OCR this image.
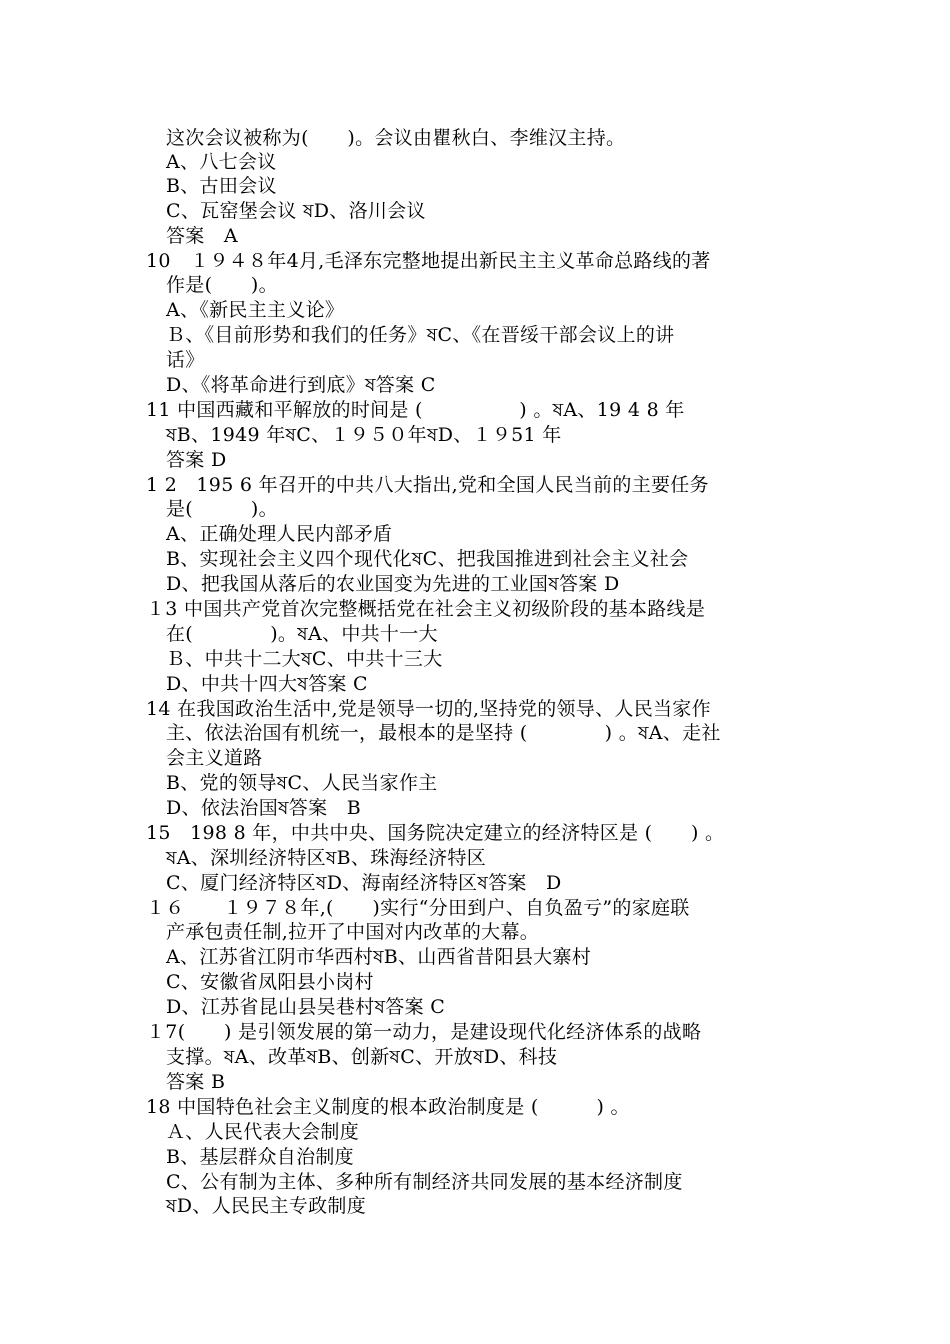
这次会议被称为(　　)。会议由瞿秋白、李维汉主持。
A、八七会议
B、古田会议
C、瓦窑堡会议 ষD、洛川会议
答案　A
10　１９４８年4月,毛泽东完整地提出新民主主义革命总路线的著
作是(　　)。
A、《新民主主义论》
Ｂ、《目前形势和我们的任务》ষC、《在晋绥干部会议上的讲
话》
D、《将革命进行到底》ষ答案 C
11 中国西藏和平解放的时间是 (　　　　　) 。ষA、19 4 8 年
ষB、1949 年ষC、１９５０年ষD、１９51 年
答案 D
1 2　195 6 年召开的中共八大指出,党和全国人民当前的主要任务
是(　　　)。
A、正确处理人民内部矛盾
B、实现社会主义四个现代化ষC、把我国推进到社会主义社会
D、把我国从落后的农业国变为先进的工业国ষ答案 D
１3 中国共产党首次完整概括党在社会主义初级阶段的基本路线是
在(　　　　)。ষA、中共十一大
Ｂ、中共十二大ষC、中共十三大
D、中共十四大ষ答案 C
14 在我国政治生活中,党是领导一切的,坚持党的领导、人民当家作
主、依法治国有机统一，最根本的是坚持 (　　　　) 。ষA、走社
会主义道路
B、党的领导ষC、人民当家作主
D、依法治国ষ答案　B
15　198 8 年，中共中央、国务院决定建立的经济特区是 (　　) 。
ষA、深圳经济特区ষB、珠海经济特区
C、厦门经济特区ষD、海南经济特区ষ答案　D
１６　　１９７８年,(　　)实行“分田到户、自负盈亏”的家庭联
产承包责任制,拉开了中国对内改革的大幕。
A、江苏省江阴市华西村ষB、山西省昔阳县大寨村
C、安徽省凤阳县小岗村
D、江苏省昆山县吴巷村ষ答案 C
１7(　　) 是引领发展的第一动力，是建设现代化经济体系的战略
支撑。ষA、改革ষB、创新ষC、开放ষD、科技
答案 B
18 中国特色社会主义制度的根本政治制度是 (　　　) 。
Ａ、人民代表大会制度
B、基层群众自治制度
C、公有制为主体、多种所有制经济共同发展的基本经济制度
ষD、人民民主专政制度
